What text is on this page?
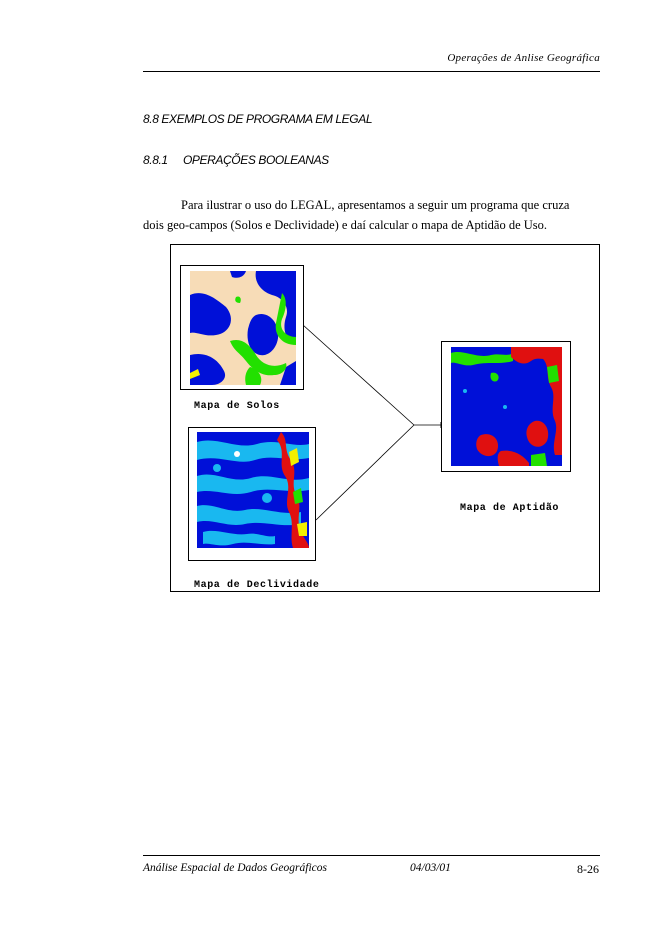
Operações de Anlise Geográfica
8.8 EXEMPLOS DE PROGRAMA EM LEGAL
8.8.1 OPERAÇÕES BOOLEANAS
Para ilustrar o uso do LEGAL, apresentamos a seguir um programa que cruza
dois geo-campos (Solos e Declividade) e daí calcular o mapa de Aptidão de Uso.
Mapa de Solos
Mapa de Declividade
Mapa de Aptidão
Análise Espacial de Dados Geográficos	04/03/01	8-26
